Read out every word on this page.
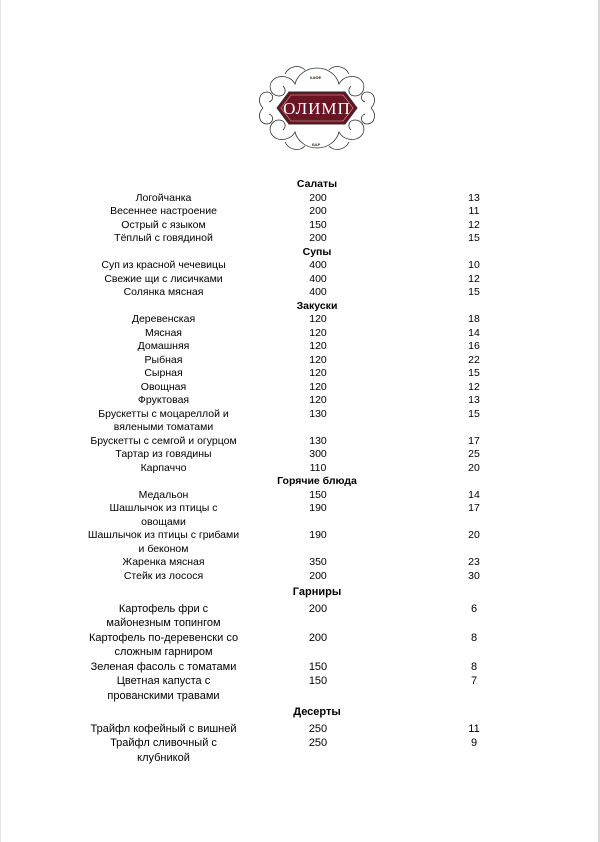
ОЛИМП
КАФЕ
БАР
Салаты
Логойчанка	200	13
Весеннее настроение	200	11
Острый с языком	150	12
Тёплый с говядиной	200	15
Супы
Суп из красной чечевицы	400	10
Свежие щи с лисичками	400	12
Солянка мясная	400	15
Закуски
Деревенская	120	18
Мясная	120	14
Домашняя	120	16
Рыбная	120	22
Сырная	120	15
Овощная	120	12
Фруктовая	120	13
Брускетты с моцареллой и вялеными томатами
130	15
Брускетты с семгой и огурцом	130	17
Тартар из говядины	300	25
Карпаччо	110	20
Горячие блюда
Медальон	150	14
Шашлычок из птицы с овощами
190	17
Шашлычок из птицы с грибами и беконом
190	20
Жаренка мясная	350	23
Стейк из лосося	200	30
Гарниры
Картофель фри с майонезным топингом
200	6
Картофель по-деревенски со сложным гарниром
200	8
Зеленая фасоль с томатами	150	8
Цветная капуста с прованскими травами
150	7
Десерты
Трайфл кофейный с вишней	250	11
Трайфл сливочный с клубникой
250	9
